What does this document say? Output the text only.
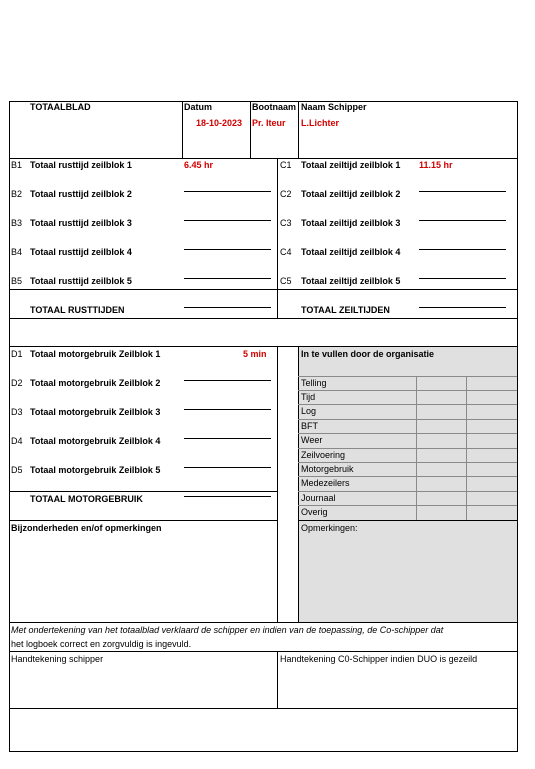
TOTAALBLAD	Datum
18-10-2023
Bootnaam
Pr. Iteur
Naam Schipper
L.Lichter
B1 Totaal rusttijd zeilblok 1	6.45 hr
B2 Totaal rusttijd zeilblok 2
B3 Totaal rusttijd zeilblok 3
B4 Totaal rusttijd zeilblok 4
B5 Totaal rusttijd zeilblok 5
TOTAAL RUSTTIJDEN
C1 Totaal zeiltijd zeilblok 1 11.15 hr
C2 Totaal zeiltijd zeilblok 2
C3 Totaal zeiltijd zeilblok 3
C4 Totaal zeiltijd zeilblok 4
C5 Totaal zeiltijd zeilblok 5
TOTAAL ZEILTIJDEN
D1 Totaal motorgebruik Zeilblok 1	5 min
D2 Totaal motorgebruik Zeilblok 2
D3 Totaal motorgebruik Zeilblok 3
D4 Totaal motorgebruik Zeilblok 4
D5 Totaal motorgebruik Zeilblok 5
TOTAAL MOTORGEBRUIK
In te vullen door de organisatie
Telling
Tijd
Log
BFT
Weer
Zeilvoering
Motorgebruik
Medezeilers
Journaal
Overig
Opmerkingen:
Bijzonderheden en/of opmerkingen
Met ondertekening van het totaalblad verklaard de schipper en indien van de toepassing, de Co-schipper dat
het logboek correct en zorgvuldig is ingevuld.
Handtekening schipper	Handtekening C0-Schipper indien DUO is gezeild
